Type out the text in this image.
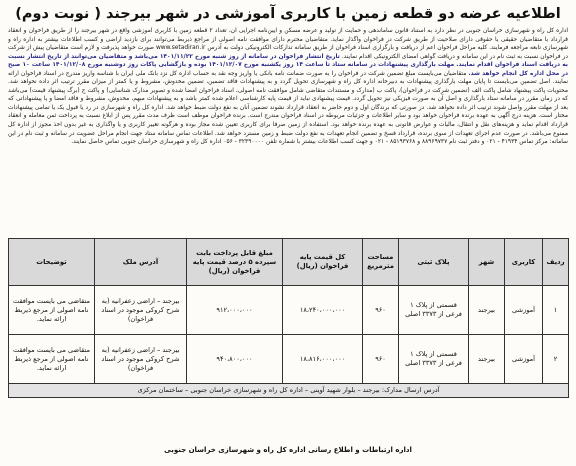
اطلاعیه عرضه دو قطعه زمین با کاربری آموزشی در شهر بیرجند ( نوبت دوم)
اداره کل راه و شهرسازی خراسان جنوبی در نظر دارد به استناد قانون ساماندهی و حمایت از تولید و عرضه مسکن و آیین‌نامه اجرایی آن، تعداد ۲ قطعه زمین با کاربری آموزشی واقع در شهر بیرجند را از طریق فراخوان و انعقاد قرارداد با متقاضیان حقیقی یا حقوقی دارای صلاحیت از طریق شرکت در فراخوان واگذار نماید. متقاضیان محترم دارای موافقت نامه اصولی از مراجع ذیربط می‌توانند برای بازدید اراضی و کسب اطلاعات بیشتر به اداره راه و شهرسازی تابعه مراجعه فرمایند. کلیه مراحل فراخوان اعم از دریافت و بارگزاری اسناد فراخوان از طریق سامانه تدارکات الکترونیکی دولت به آدرس www.setadiran.ir صورت خواهد پذیرفت و لازم است متقاضیان پیش از شرکت در فراخوان نسبت به ثبت نام در این سامانه و دریافت گواهی امضای الکترونیکی اقدام نمایند. تاریخ انتشار فراخوان در سامانه از روز شنبه مورخ ۱۴۰۱/۱۱/۲۲ می‌باشد و متقاضیان می‌توانند از تاریخ انتشار نسبت به دریافت اسناد فراخوان اقدام نمایند. مهلت بارگذاری پیشنهادات در سامانه ستاد تا ساعت ۱۴ روز یکشنبه مورخ ۱۴۰۱/۱۲/۰۷ بوده و بازگشایی پاکات روز دوشنبه مورخ ۱۴۰۱/۱۲/۰۸ ساعت ۱۰ صبح در محل اداره کل انجام خواهد شد. متقاضیان می‌بایست مبلغ تضمین شرکت در فراخوان را به صورت ضمانت نامه بانکی یا واریز وجه نقد به حساب اداره کل نزد بانک ملی ایران با شناسه واریز مندرج در اسناد فراخوان ارائه نمایند. اصل تضمین می‌بایست تا پایان مهلت بارگذاری پیشنهادات به دبیرخانه اداره کل راه و شهرسازی تحویل گردد و به پیشنهادات فاقد تضمین، تضمین مخدوش، مشروط و یا کمتر از میزان مقرر ترتیب اثر داده نخواهد شد. محتویات پاکت پیشنهاد شامل پاکت الف (تضمین شرکت در فراخوان)، پاکت ب (مدارک و مستندات متقاضی شامل موافقت نامه اصولی، اسناد فراخوان امضا شده و تصویر مدارک شناسایی) و پاکت ج (برگ پیشنهاد قیمت) می‌باشد که در زمان مقرر در سامانه ستاد بارگذاری و اصل آن به صورت فیزیکی نیز تحویل گردد. قیمت پیشنهادی نباید از قیمت پایه کارشناسی اعلام شده کمتر باشد و به پیشنهادات مبهم، مخدوش، مشروط و فاقد امضا و یا پیشنهاداتی که بعد از مهلت مقرر واصل شوند ترتیب اثر داده نخواهد شد. در صورتی که برندگان اول و دوم حاضر به انعقاد قرارداد نشوند تضمین آنان به نفع دولت ضبط خواهد شد. اداره کل راه و شهرسازی در رد یا قبول یک یا تمامی پیشنهادات مختار است. هزینه درج آگهی به عهده برنده فراخوان خواهد بود و سایر اطلاعات و جزئیات مربوطه در اسناد فراخوان مندرج است. برنده فراخوان موظف است ظرف مدت مقرر پس از ابلاغ نسبت به پرداخت ثمن معامله و انعقاد قرارداد اقدام نماید و هزینه‌های نقل و انتقال، مالیات و عوارض قانونی به عهده برنده خواهد بود. استفاده از زمین صرفا برای کاربری تعیین شده مجاز بوده و هرگونه تغییر کاربری و یا واگذاری به غیر بدون اخذ مجوز از اداره کل ممنوع می‌باشد. در صورت عدم اجرای تعهدات از سوی برنده، قرارداد فسخ و تضمین انجام تعهدات به نفع دولت ضبط و زمین مسترد خواهد شد. اطلاعات تماس سامانه ستاد جهت انجام مراحل عضویت در سامانه و ثبت نام در این سامانه: مرکز تماس ۴۱۹۳۴ - ۰۲۱ و دفتر ثبت نام ۸۸۹۶۹۷۳۷ و ۸۵۱۹۳۷۶۸ - ۰۲۱ و جهت کسب اطلاعات بیشتر با شماره تلفن ۳۲۳۹۰۰۰۰ - ۰۵۶ اداره کل راه و شهرسازی خراسان جنوبی تماس حاصل نمایند.
ردیف	کاربری	شهر	پلاک ثبتی	مساحت مترمربع	کل قیمت پایه فراخوان (ریال)	مبلغ قابل پرداخت بابت سپرده ۵ درصد قیمت پایه فراخوان (ریال)	آدرس ملک	توضیحات
۱	آموزشی	بیرجند	قسمتی از پلاک ۱ فرعی از ۳۳۷۳ اصلی	۹۶۰	۱۸،۲۴۰،۰۰۰،۰۰۰	۹۱۲،۰۰۰،۰۰۰	بیرجند – اراضی زعفرانیه (به شرح کروکی موجود در اسناد فراخوان)	متقاضی می بایست موافقت نامه اصولی از مرجع ذیربط ارائه نماید.
۲	آموزشی	بیرجند	قسمتی از پلاک ۱ فرعی از ۳۳۷۳ اصلی	۹۶۰	۱۸،۸۱۶،۰۰۰،۰۰۰	۹۴۰،۸۰۰،۰۰۰	بیرجند – اراضی زعفرانیه (به شرح کروکی موجود در اسناد فراخوان)	متقاضی می بایست موافقت نامه اصولی از مرجع ذیربط ارائه نماید.
آدرس ارسال مدارک: بیرجند – بلوار شهید آوینی – اداره کل راه و شهرسازی خراسان جنوبی – ساختمان مرکزی								
اداره ارتباطات و اطلاع رسانی اداره کل راه و شهرسازی خراسان جنوبی
